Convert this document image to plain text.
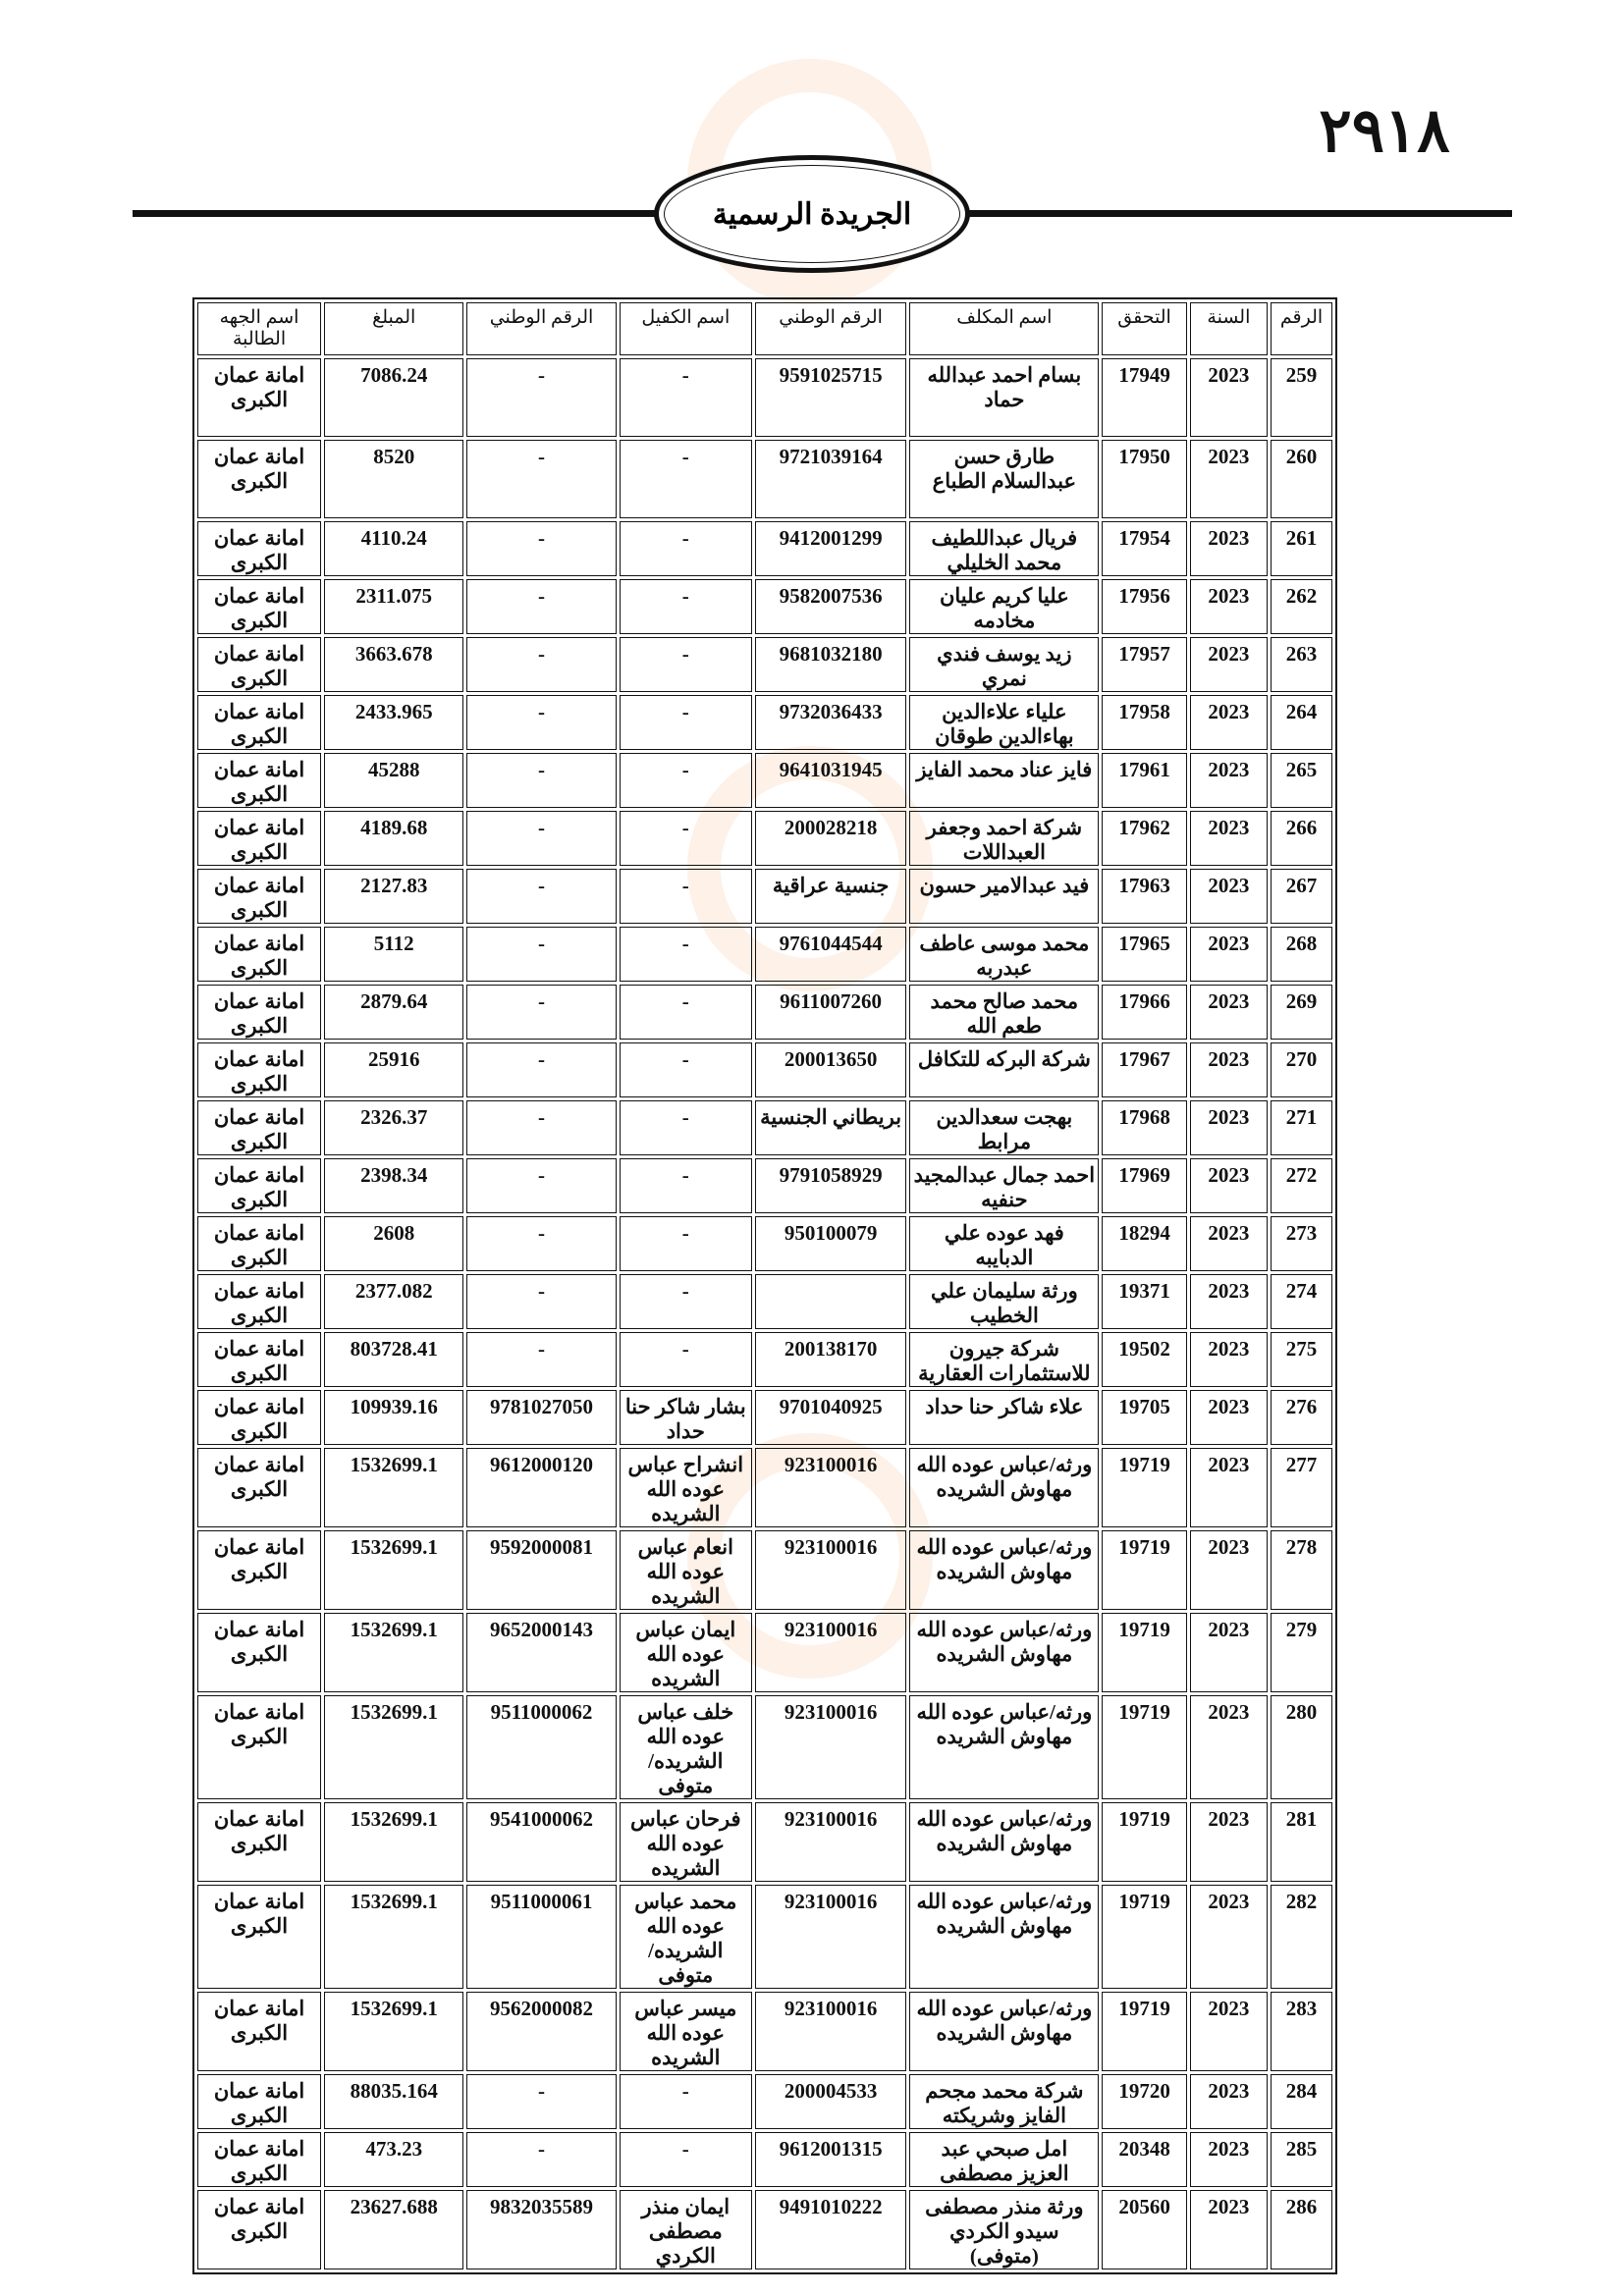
٢٩١٨
الجريدة الرسمية
الرقم	السنة	التحقق	اسم المكلف	الرقم الوطني	اسم الكفيل	الرقم الوطني	المبلغ	اسم الجهه الطالبة
259	2023	17949	بسام احمد عبدالله حماد	9591025715	-	-	7086.24	امانة عمان الكبرى
260	2023	17950	طارق حسن عبدالسلام الطباع	9721039164	-	-	8520	امانة عمان الكبرى
261	2023	17954	فريال عبداللطيف محمد الخليلي	9412001299	-	-	4110.24	امانة عمان الكبرى
262	2023	17956	عليا كريم عليان مخادمه	9582007536	-	-	2311.075	امانة عمان الكبرى
263	2023	17957	زيد يوسف فندي نمري	9681032180	-	-	3663.678	امانة عمان الكبرى
264	2023	17958	علياء علاءالدين بهاءالدين طوقان	9732036433	-	-	2433.965	امانة عمان الكبرى
265	2023	17961	فايز عناد محمد الفايز	9641031945	-	-	45288	امانة عمان الكبرى
266	2023	17962	شركة احمد وجعفر العبداللات	200028218	-	-	4189.68	امانة عمان الكبرى
267	2023	17963	فيد عبدالامير حسون	جنسية عراقية	-	-	2127.83	امانة عمان الكبرى
268	2023	17965	محمد موسى عاطف عبدربه	9761044544	-	-	5112	امانة عمان الكبرى
269	2023	17966	محمد صالح محمد طعم الله	9611007260	-	-	2879.64	امانة عمان الكبرى
270	2023	17967	شركة البركه للتكافل	200013650	-	-	25916	امانة عمان الكبرى
271	2023	17968	بهجت سعدالدين مرابط	بريطاني الجنسية	-	-	2326.37	امانة عمان الكبرى
272	2023	17969	احمد جمال عبدالمجيد حنفيه	9791058929	-	-	2398.34	امانة عمان الكبرى
273	2023	18294	فهد عوده علي الدبايبه	950100079	-	-	2608	امانة عمان الكبرى
274	2023	19371	ورثة سليمان علي الخطيب		-	-	2377.082	امانة عمان الكبرى
275	2023	19502	شركة جيرون للاستثمارات العقارية	200138170	-	-	803728.41	امانة عمان الكبرى
276	2023	19705	علاء شاكر حنا حداد	9701040925	بشار شاكر حنا حداد	9781027050	109939.16	امانة عمان الكبرى
277	2023	19719	ورثه/عباس عوده الله مهاوش الشريده	923100016	انشراح عباس عوده الله الشريده	9612000120	1532699.1	امانة عمان الكبرى
278	2023	19719	ورثه/عباس عوده الله مهاوش الشريده	923100016	انعام عباس عوده الله الشريده	9592000081	1532699.1	امانة عمان الكبرى
279	2023	19719	ورثه/عباس عوده الله مهاوش الشريده	923100016	ايمان عباس عوده الله الشريده	9652000143	1532699.1	امانة عمان الكبرى
280	2023	19719	ورثه/عباس عوده الله مهاوش الشريده	923100016	خلف عباس عوده الله الشريده/متوفى	9511000062	1532699.1	امانة عمان الكبرى
281	2023	19719	ورثه/عباس عوده الله مهاوش الشريده	923100016	فرحان عباس عوده الله الشريده	9541000062	1532699.1	امانة عمان الكبرى
282	2023	19719	ورثه/عباس عوده الله مهاوش الشريده	923100016	محمد عباس عوده الله الشريده/متوفى	9511000061	1532699.1	امانة عمان الكبرى
283	2023	19719	ورثه/عباس عوده الله مهاوش الشريده	923100016	ميسر عباس عوده الله الشريده	9562000082	1532699.1	امانة عمان الكبرى
284	2023	19720	شركة محمد مجحم الفايز وشريكته	200004533	-	-	88035.164	امانة عمان الكبرى
285	2023	20348	امل صبحي عبد العزيز مصطفى	9612001315	-	-	473.23	امانة عمان الكبرى
286	2023	20560	ورثة منذر مصطفى سيدو الكردي (متوفى)	9491010222	ايمان منذر مصطفى الكردي	9832035589	23627.688	امانة عمان الكبرى
